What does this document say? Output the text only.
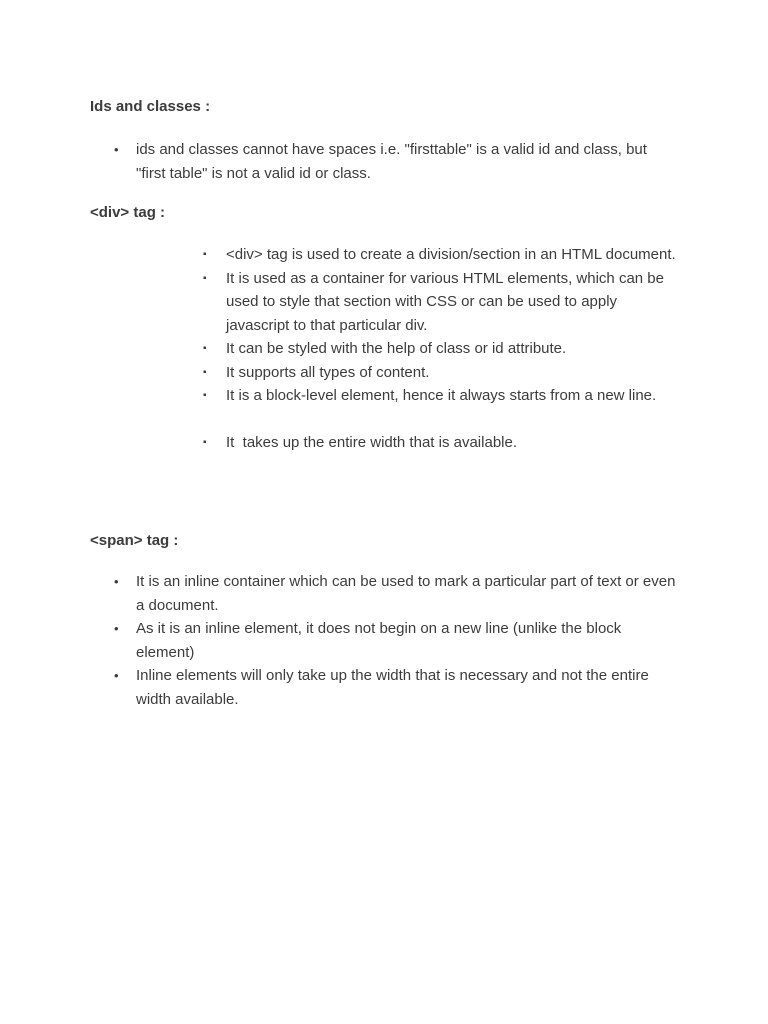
Ids and classes :

• ids and classes cannot have spaces i.e. "firsttable" is a valid id and class, but "first table" is not a valid id or class.

<div> tag :

▪ <div> tag is used to create a division/section in an HTML document.
▪ It is used as a container for various HTML elements, which can be used to style that section with CSS or can be used to apply javascript to that particular div.
▪ It can be styled with the help of class or id attribute.
▪ It supports all types of content.
▪ It is a block-level element, hence it always starts from a new line.
▪ It  takes up the entire width that is available.

<span> tag :

• It is an inline container which can be used to mark a particular part of text or even a document.
• As it is an inline element, it does not begin on a new line (unlike the block element)
• Inline elements will only take up the width that is necessary and not the entire width available.
